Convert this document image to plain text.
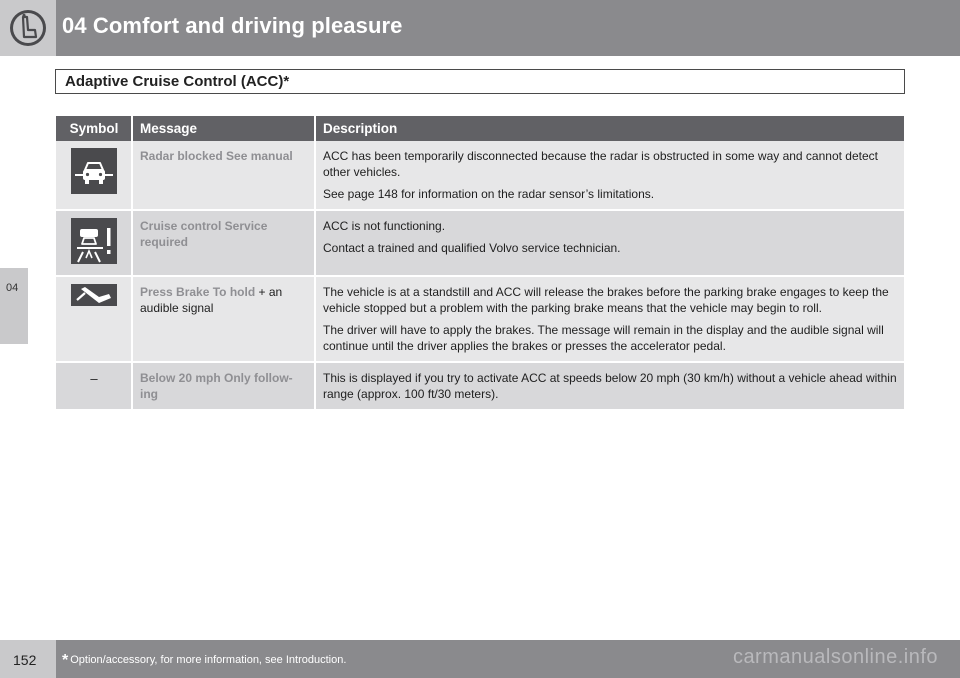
04 Comfort and driving pleasure
04
Adaptive Cruise Control (ACC)*
Symbol	Message	Description
	Radar blocked See manual	ACC has been temporarily disconnected because the radar is obstructed in some way and cannot detect other vehicles.

See page 148 for information on the radar sensor’s limitations.

	Cruise control Service required	ACC is not functioning.

Contact a trained and qualified Volvo service technician.

	Press Brake To hold + an audible signal	The vehicle is at a standstill and ACC will release the brakes before the parking brake engages to keep the vehicle stopped but a problem with the parking brake means that the vehicle may begin to roll.

The driver will have to apply the brakes. The message will remain in the display and the audible signal will continue until the driver applies the brakes or presses the accelerator pedal.

–	Below 20 mph Only follow-ing	This is displayed if you try to activate ACC at speeds below 20 mph (30 km/h) without a vehicle ahead within range (approx. 100 ft/30 meters).

152 * Option/accessory, for more information, see Introduction.	carmanualsonline.info
